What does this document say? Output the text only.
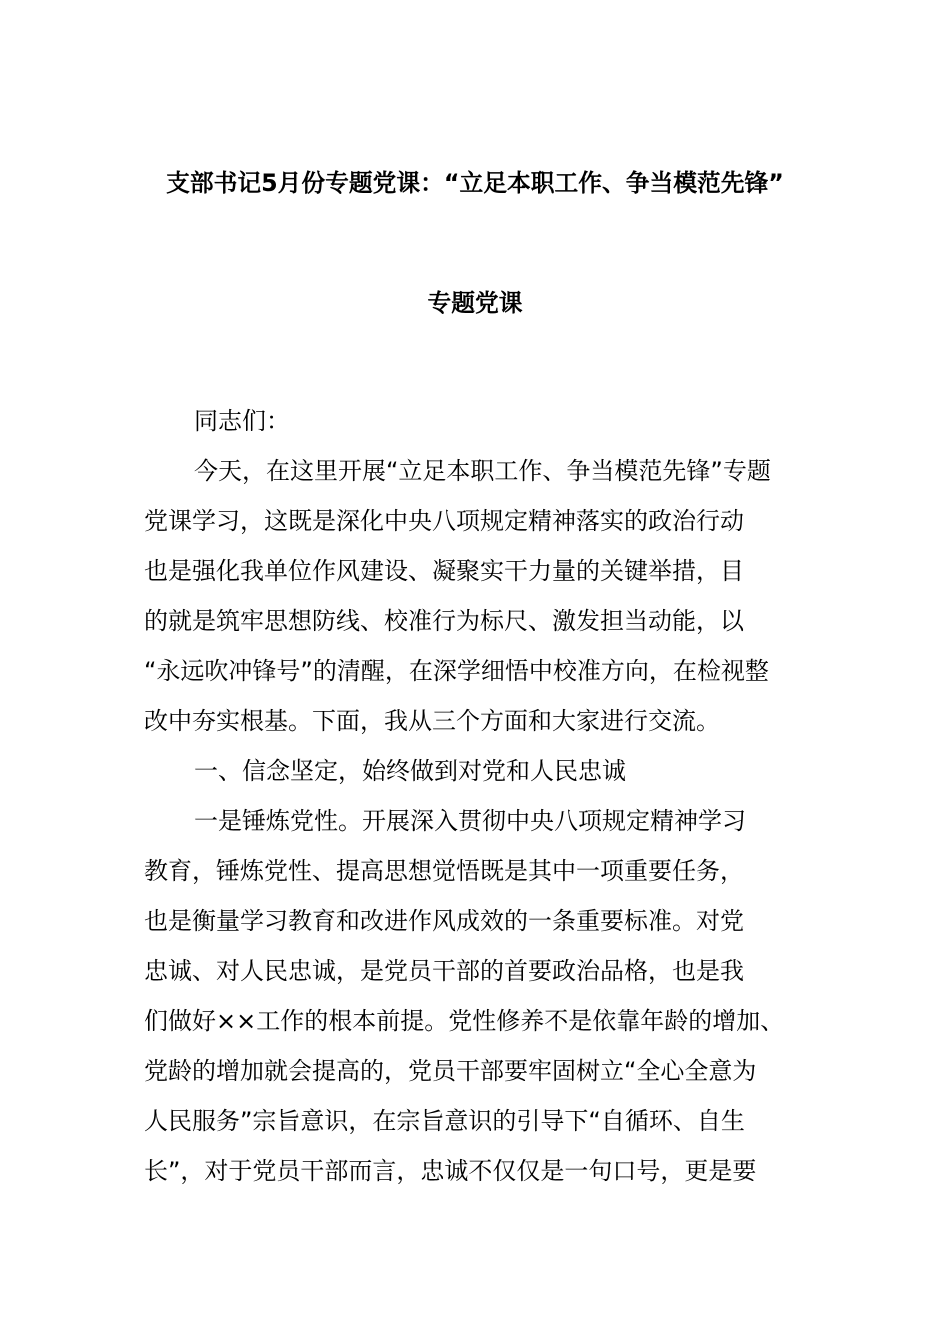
支部书记5月份专题党课：“立足本职工作、争当模范先锋”
专题党课
同志们：
今天，在这里开展“立足本职工作、争当模范先锋”专题
党课学习，这既是深化中央八项规定精神落实的政治行动
也是强化我单位作风建设、凝聚实干力量的关键举措，目
的就是筑牢思想防线、校准行为标尺、激发担当动能，以
“永远吹冲锋号”的清醒，在深学细悟中校准方向，在检视整
改中夯实根基。下面，我从三个方面和大家进行交流。
一、信念坚定，始终做到对党和人民忠诚
一是锤炼党性。开展深入贯彻中央八项规定精神学习
教育，锤炼党性、提高思想觉悟既是其中一项重要任务，
也是衡量学习教育和改进作风成效的一条重要标准。对党
忠诚、对人民忠诚，是党员干部的首要政治品格，也是我
们做好××工作的根本前提。党性修养不是依靠年龄的增加、
党龄的增加就会提高的，党员干部要牢固树立“全心全意为
人民服务”宗旨意识，在宗旨意识的引导下“自循环、自生
长”，对于党员干部而言，忠诚不仅仅是一句口号，更是要
